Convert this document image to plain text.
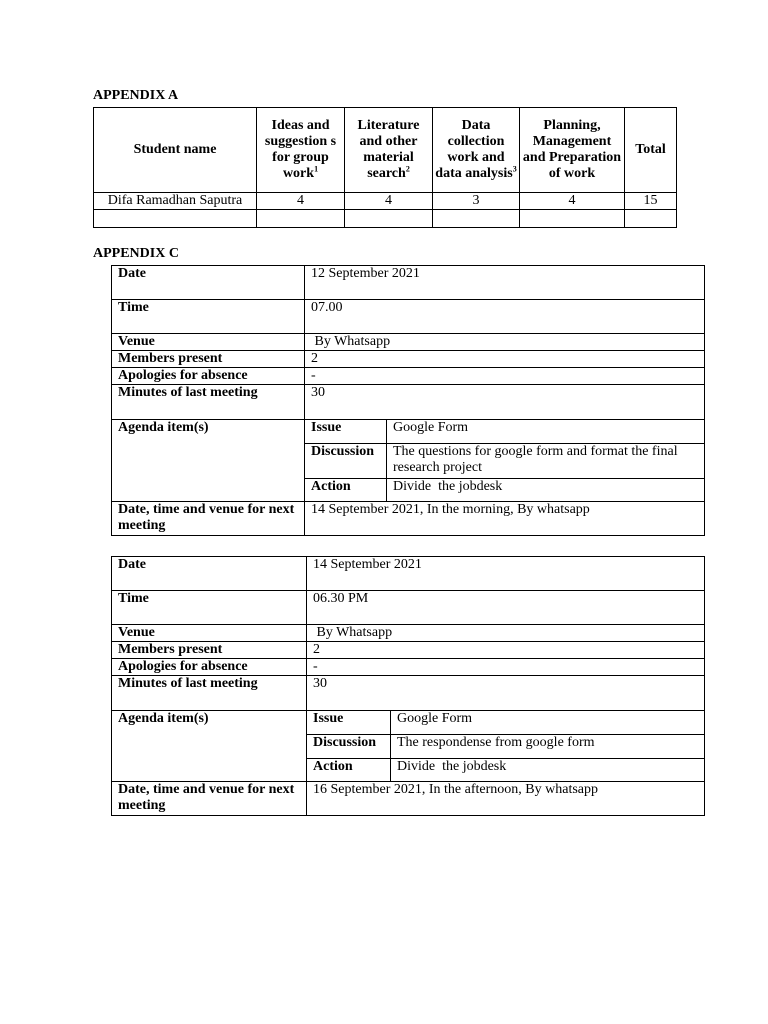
APPENDIX A
Student name	Ideas and suggestion s for group work$^1$	Literature and other material search$^2$	Data collection work and data analysis$^3$	Planning, Management and Preparation of work	Total
Difa Ramadhan Saputra	4	4	3	4	15

APPENDIX C
Date	12 September 2021	
Time	07.00	
Venue	By Whatsapp	
Members present	2	
Apologies for absence	-	
Minutes of last meeting	30	
Agenda item(s)	Issue	Google Form
	Discussion	The questions for google form and format the final research project
	Action	Divide  the jobdesk
Date, time and venue for next meeting	14 September 2021, In the morning, By whatsapp	
Date	14 September 2021	
Time	06.30 PM	
Venue	By Whatsapp	
Members present	2	
Apologies for absence	-	
Minutes of last meeting	30	
Agenda item(s)	Issue	Google Form
	Discussion	The respondense from google form
	Action	Divide  the jobdesk
Date, time and venue for next meeting	16 September 2021, In the afternoon, By whatsapp	
